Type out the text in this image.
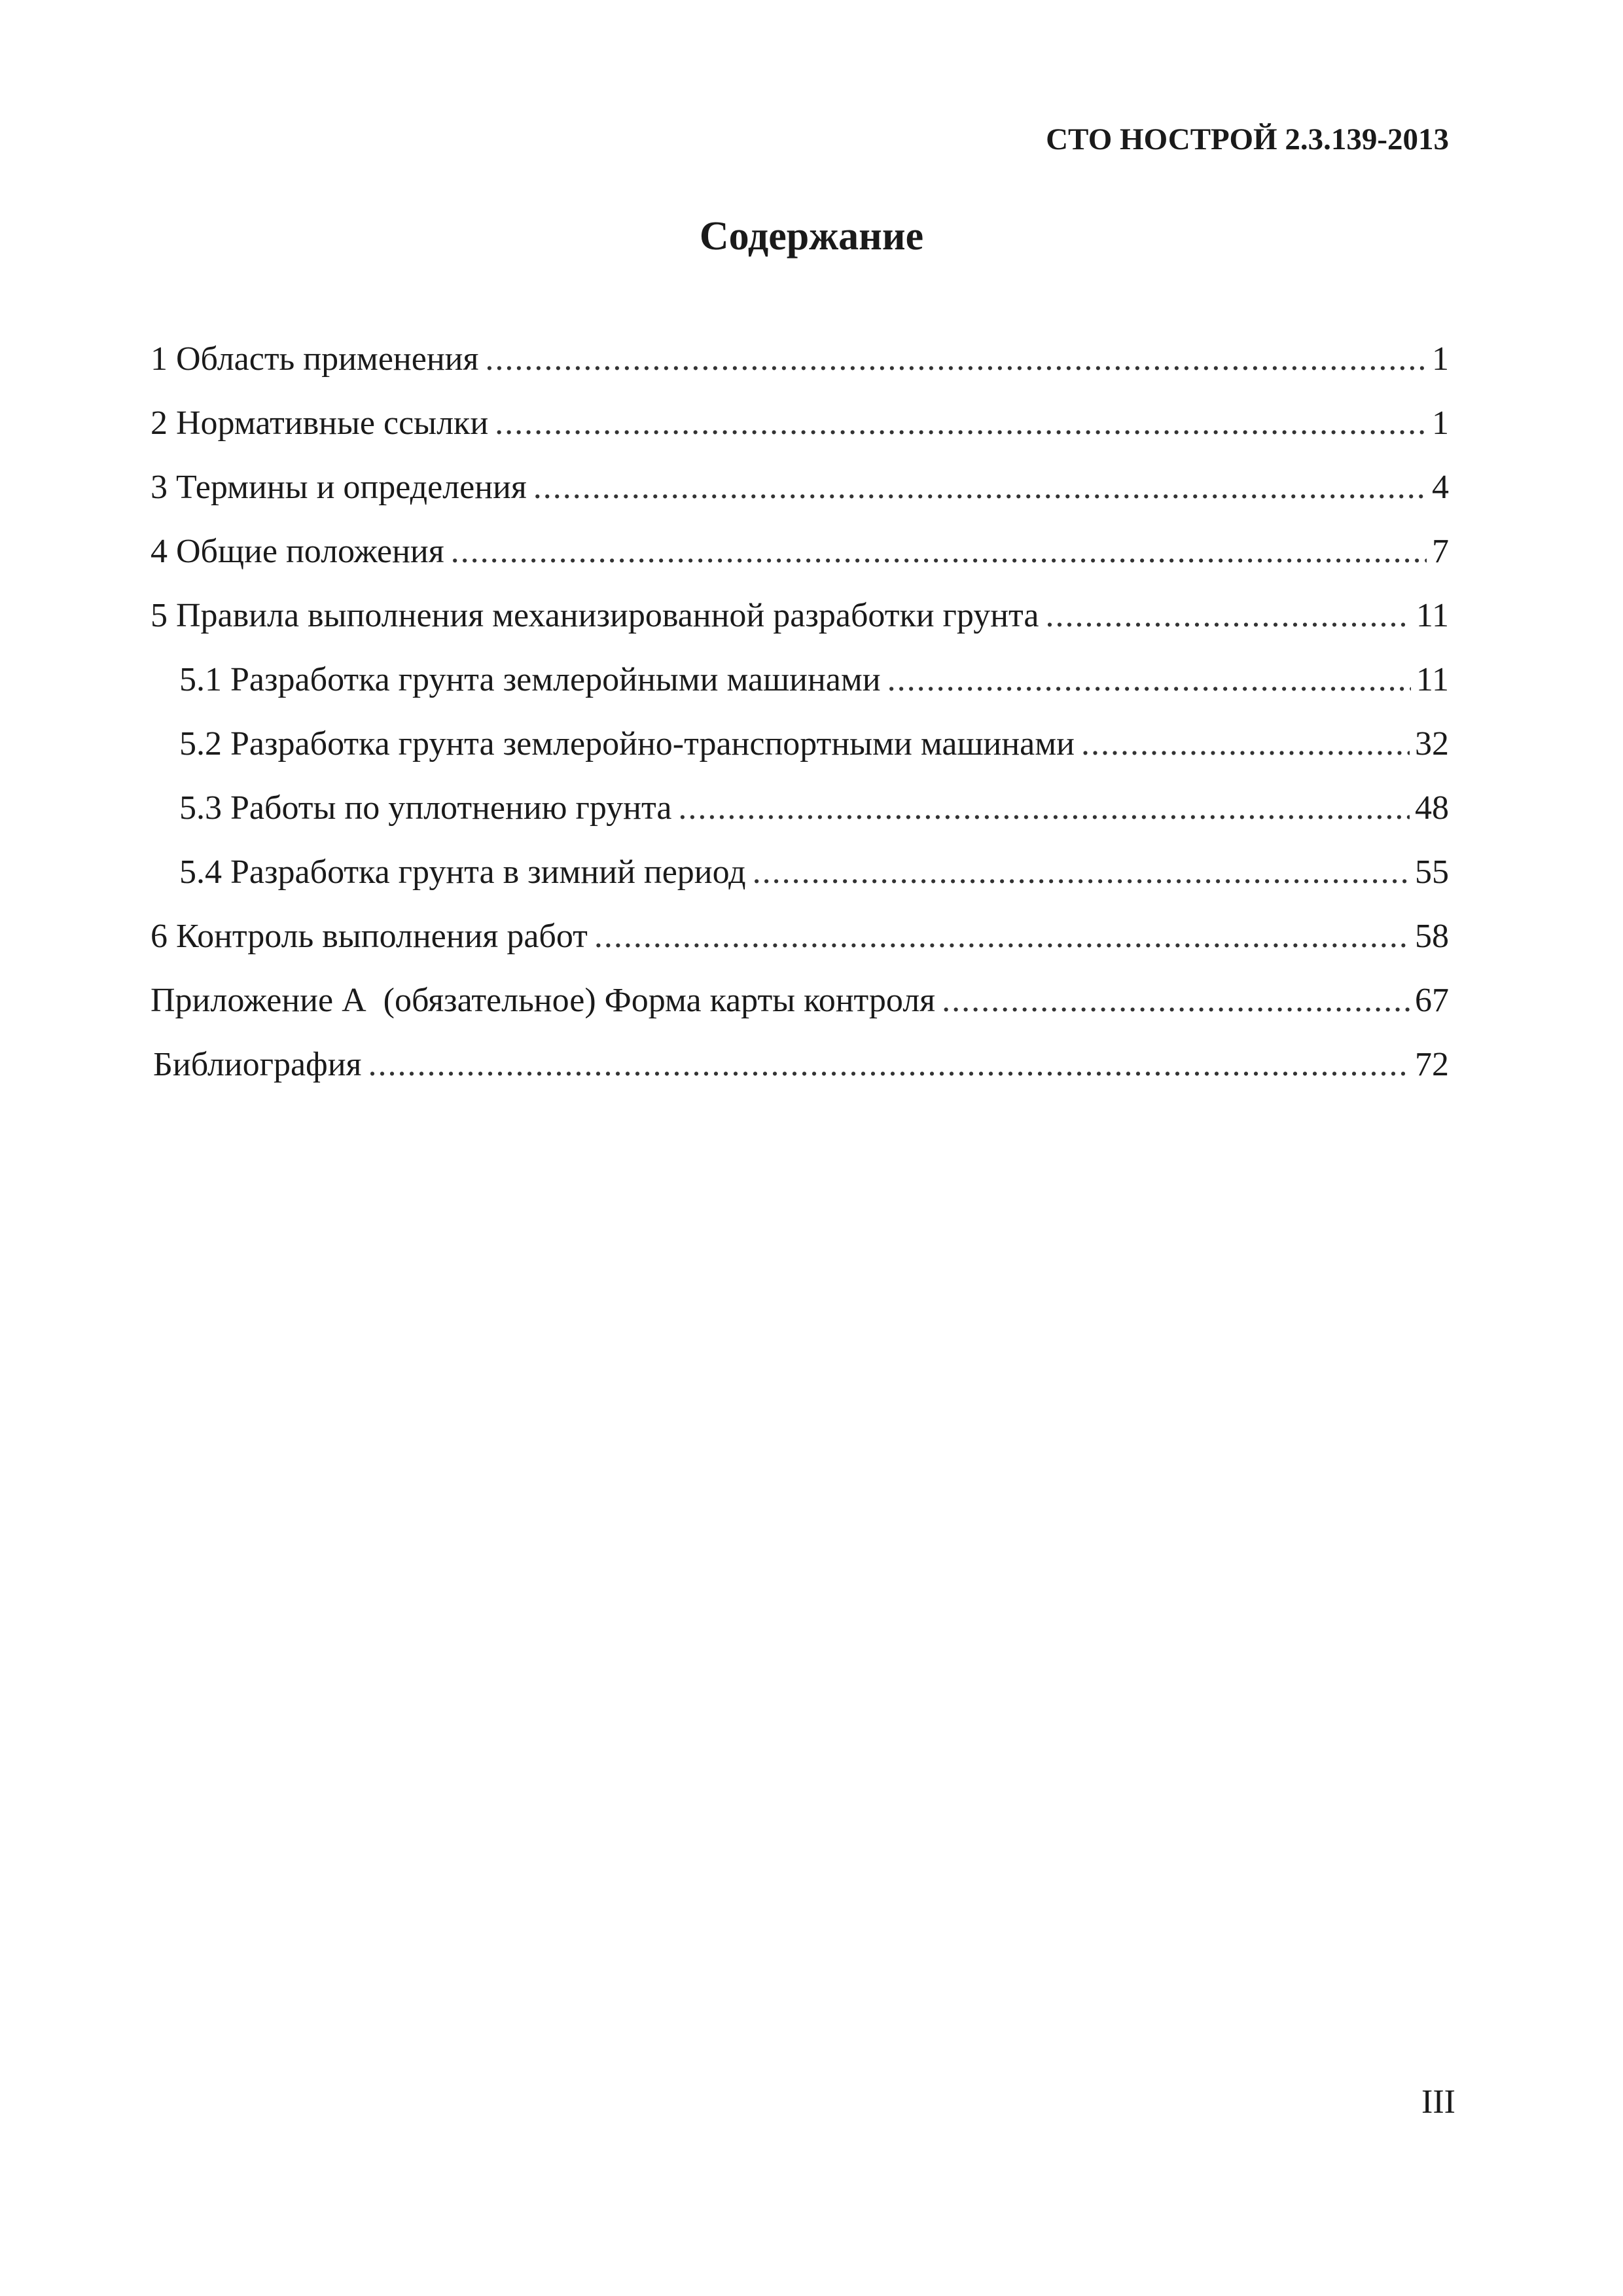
СТО НОСТРОЙ 2.3.139-2013
Содержание
1 Область применения .....	1
2 Нормативные ссылки .....	1
3 Термины и определения .....	4
4 Общие положения .....	7
5 Правила выполнения механизированной разработки грунта .....	11
5.1 Разработка грунта землеройными машинами .....	11
5.2 Разработка грунта землеройно-транспортными машинами .....	32
5.3 Работы по уплотнению грунта .....	48
5.4 Разработка грунта в зимний период .....	55
6 Контроль выполнения работ .....	58
Приложение А  (обязательное) Форма карты контроля .....	67
Библиография .....	72
III
